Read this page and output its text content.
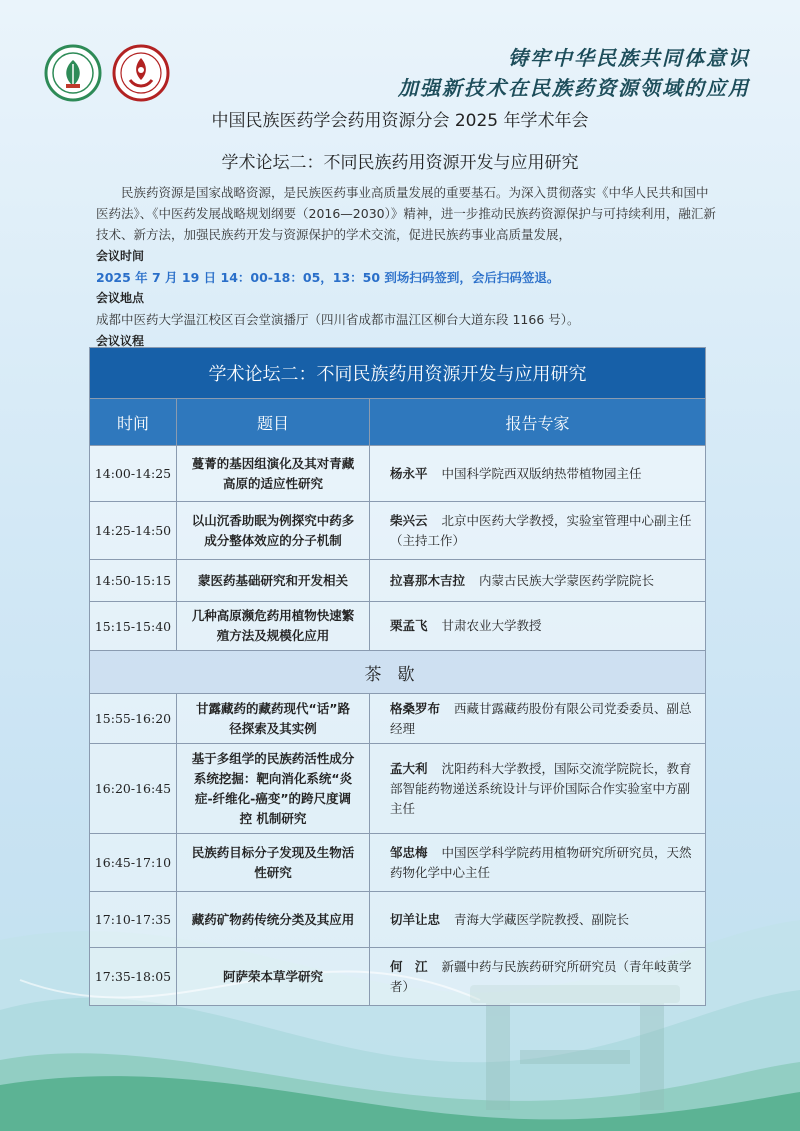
铸牢中华民族共同体意识
加强新技术在民族药资源领域的应用
中国民族医药学会药用资源分会 2025 年学术年会
学术论坛二：不同民族药用资源开发与应用研究

民族药资源是国家战略资源，是民族医药事业高质量发展的重要基石。为深入贯彻落实《中华人民共和国中医药法》、《中医药发展战略规划纲要（2016—2030）》精神，进一步推动民族药资源保护与可持续利用，融汇新技术、新方法，加强民族药开发与资源保护的学术交流，促进民族药事业高质量发展，

会议时间
2025 年 7 月 19 日 14：00-18：05，13：50 到场扫码签到，会后扫码签退。
会议地点
成都中医药大学温江校区百会堂演播厅（四川省成都市温江区柳台大道东段 1166 号）。
会议议程
学术论坛二：不同民族药用资源开发与应用研究		
时间	题目	报告专家
14:00-14:25	蔓菁的基因组演化及其对青藏高原的适应性研究	杨永平 中国科学院西双版纳热带植物园主任
14:25-14:50	以山沉香助眠为例探究中药多成分整体效应的分子机制	柴兴云 北京中医药大学教授，实验室管理中心副主任（主持工作）
14:50-15:15	蒙医药基础研究和开发相关	拉喜那木吉拉 内蒙古民族大学蒙医药学院院长
15:15-15:40	几种高原濒危药用植物快速繁殖方法及规模化应用	栗孟飞 甘肃农业大学教授
茶歇		
15:55-16:20	甘露藏药的藏药现代“话”路径探索及其实例	格桑罗布 西藏甘露藏药股份有限公司党委委员、副总经理
16:20-16:45	基于多组学的民族药活性成分系统挖掘：靶向消化系统“炎症-纤维化-癌变”的跨尺度调控 机制研究	孟大利 沈阳药科大学教授，国际交流学院院长，教育部智能药物递送系统设计与评价国际合作实验室中方副主任
16:45-17:10	民族药目标分子发现及生物活性研究	邹忠梅 中国医学科学院药用植物研究所研究员，天然药物化学中心主任
17:10-17:35	藏药矿物药传统分类及其应用	切羊让忠 青海大学藏医学院教授、副院长
17:35-18:05	阿萨荣本草学研究	何　江 新疆中药与民族药研究所研究员（青年岐黄学者）
